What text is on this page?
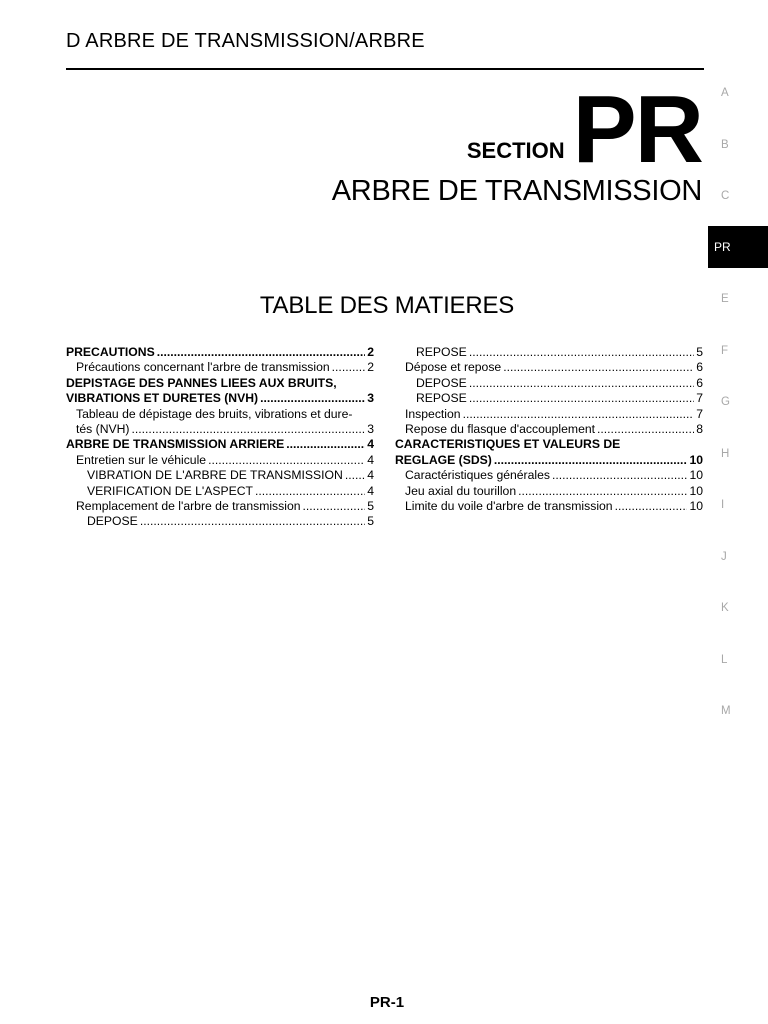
D ARBRE DE TRANSMISSION/ARBRE
SECTION PR
ARBRE DE TRANSMISSION
TABLE DES MATIERES
PRECAUTIONS .....	2
Précautions concernant l'arbre de transmission .....	2
DEPISTAGE DES PANNES LIEES AUX BRUITS,
VIBRATIONS ET DURETES (NVH) .....	3
Tableau de dépistage des bruits, vibrations et dure-
tés (NVH) .....	3
ARBRE DE TRANSMISSION ARRIERE .....	4
Entretien sur le véhicule .....	4
VIBRATION DE L'ARBRE DE TRANSMISSION ..... 4
VERIFICATION DE L'ASPECT .....	4
Remplacement de l'arbre de transmission .....	5
DEPOSE .....	5
REPOSE .....	5
Dépose et repose .....	6
DEPOSE .....	6
REPOSE .....	7
Inspection .....	7
Repose du flasque d'accouplement .....	8
CARACTERISTIQUES ET VALEURS DE
REGLAGE (SDS) .....	10
Caractéristiques générales .....	10
Jeu axial du tourillon .....	10
Limite du voile d'arbre de transmission .....	10
A
B
C
PR
E
F
G
H
I
J
K
L
M
PR-1
